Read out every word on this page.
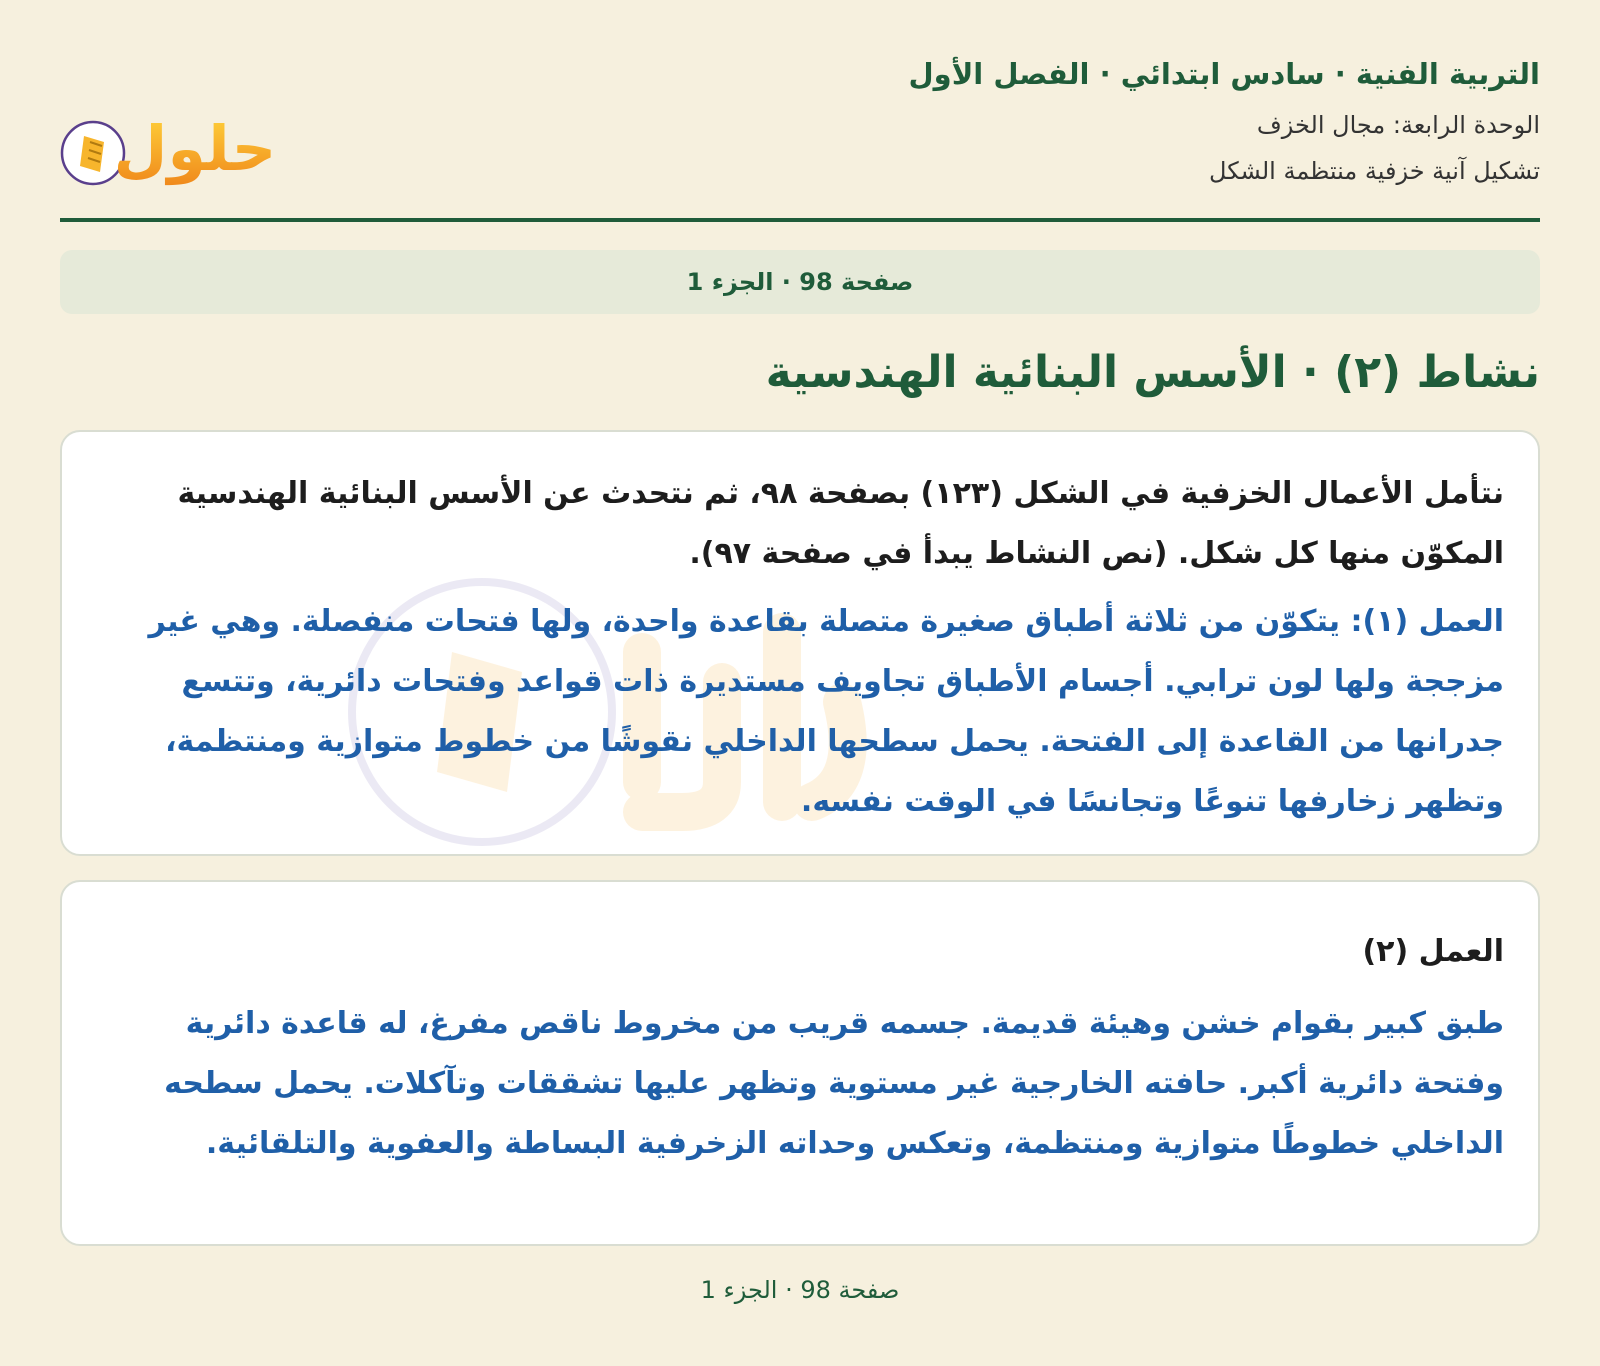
التربية الفنية · سادس ابتدائي · الفصل الأول
الوحدة الرابعة: مجال الخزف
تشكيل آنية خزفية منتظمة الشكل
حلول
صفحة 98 · الجزء 1
نشاط (٢) · الأسس البنائية الهندسية

نتأمل الأعمال الخزفية في الشكل (١٢٣) بصفحة ٩٨، ثم نتحدث عن الأسس البنائية الهندسية المكوّن منها كل شكل. (نص النشاط يبدأ في صفحة ٩٧).

العمل (١): يتكوّن من ثلاثة أطباق صغيرة متصلة بقاعدة واحدة، ولها فتحات منفصلة. وهي غير مزججة ولها لون ترابي. أجسام الأطباق تجاويف مستديرة ذات قواعد وفتحات دائرية، وتتسع جدرانها من القاعدة إلى الفتحة. يحمل سطحها الداخلي نقوشًا من خطوط متوازية ومنتظمة، وتظهر زخارفها تنوعًا وتجانسًا في الوقت نفسه.

العمل (٢)

طبق كبير بقوام خشن وهيئة قديمة. جسمه قريب من مخروط ناقص مفرغ، له قاعدة دائرية وفتحة دائرية أكبر. حافته الخارجية غير مستوية وتظهر عليها تشققات وتآكلات. يحمل سطحه الداخلي خطوطًا متوازية ومنتظمة، وتعكس وحداته الزخرفية البساطة والعفوية والتلقائية.

صفحة 98 · الجزء 1
